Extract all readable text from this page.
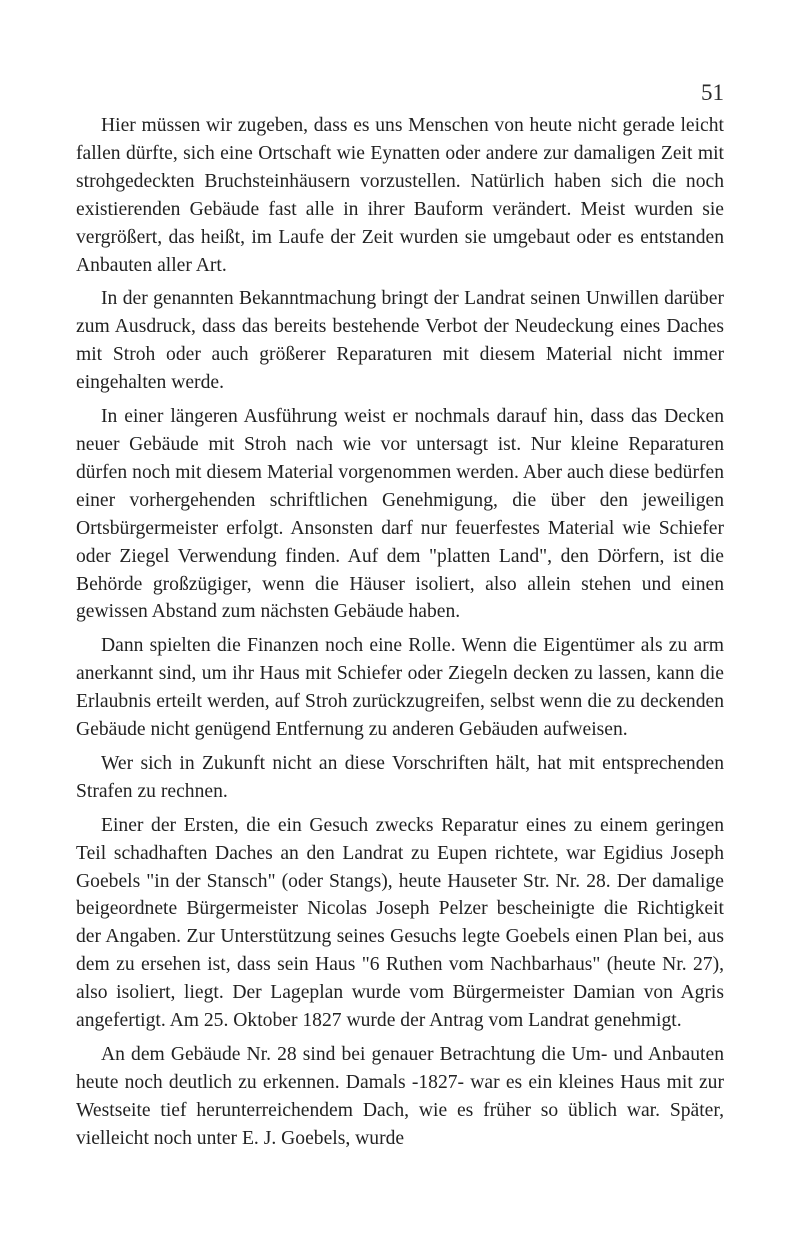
51

Hier müssen wir zugeben, dass es uns Menschen von heute nicht gerade leicht fallen dürfte, sich eine Ortschaft wie Eynatten oder andere zur damaligen Zeit mit strohgedeckten Bruchsteinhäusern vorzustellen. Natürlich haben sich die noch existierenden Gebäude fast alle in ihrer Bauform verändert. Meist wurden sie vergrößert, das heißt, im Laufe der Zeit wurden sie umgebaut oder es entstanden Anbauten aller Art.

In der genannten Bekanntmachung bringt der Landrat seinen Unwillen darüber zum Ausdruck, dass das bereits bestehende Verbot der Neudeckung eines Daches mit Stroh oder auch größerer Reparaturen mit diesem Material nicht immer eingehalten werde.

In einer längeren Ausführung weist er nochmals darauf hin, dass das Decken neuer Gebäude mit Stroh nach wie vor untersagt ist. Nur kleine Reparaturen dürfen noch mit diesem Material vorgenommen werden. Aber auch diese bedürfen einer vorhergehenden schriftlichen Genehmigung, die über den jeweiligen Ortsbürgermeister erfolgt. Ansonsten darf nur feuerfestes Material wie Schiefer oder Ziegel Verwendung finden. Auf dem "platten Land", den Dörfern, ist die Behörde großzügiger, wenn die Häuser isoliert, also allein stehen und einen gewissen Abstand zum nächsten Gebäude haben.

Dann spielten die Finanzen noch eine Rolle. Wenn die Eigentümer als zu arm anerkannt sind, um ihr Haus mit Schiefer oder Ziegeln decken zu lassen, kann die Erlaubnis erteilt werden, auf Stroh zurückzugreifen, selbst wenn die zu deckenden Gebäude nicht genügend Entfernung zu anderen Gebäuden aufweisen.

Wer sich in Zukunft nicht an diese Vorschriften hält, hat mit entsprechenden Strafen zu rechnen.

Einer der Ersten, die ein Gesuch zwecks Reparatur eines zu einem geringen Teil schadhaften Daches an den Landrat zu Eupen richtete, war Egidius Joseph Goebels "in der Stansch" (oder Stangs), heute Hauseter Str. Nr. 28. Der damalige beigeordnete Bürgermeister Nicolas Joseph Pelzer bescheinigte die Richtigkeit der Angaben. Zur Unterstützung seines Gesuchs legte Goebels einen Plan bei, aus dem zu ersehen ist, dass sein Haus "6 Ruthen vom Nachbarhaus" (heute Nr. 27), also isoliert, liegt. Der Lageplan wurde vom Bürgermeister Damian von Agris angefertigt. Am 25. Oktober 1827 wurde der Antrag vom Landrat genehmigt.

An dem Gebäude Nr. 28 sind bei genauer Betrachtung die Um- und Anbauten heute noch deutlich zu erkennen. Damals -1827- war es ein kleines Haus mit zur Westseite tief herunterreichendem Dach, wie es früher so üblich war. Später, vielleicht noch unter E. J. Goebels, wurde
